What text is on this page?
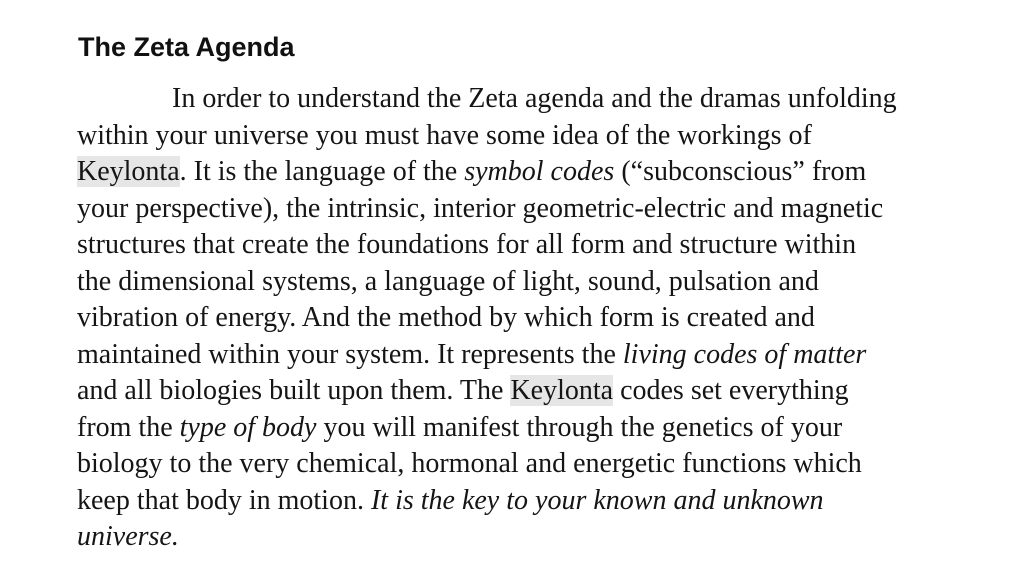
The Zeta Agenda
In order to understand the Zeta agenda and the dramas unfolding
within your universe you must have some idea of the workings of
Keylonta. It is the language of the symbol codes (“subconscious” from
your perspective), the intrinsic, interior geometric-electric and magnetic
structures that create the foundations for all form and structure within
the dimensional systems, a language of light, sound, pulsation and
vibration of energy. And the method by which form is created and
maintained within your system. It represents the living codes of matter
and all biologies built upon them. The Keylonta codes set everything
from the type of body you will manifest through the genetics of your
biology to the very chemical, hormonal and energetic functions which
keep that body in motion. It is the key to your known and unknown
universe.
